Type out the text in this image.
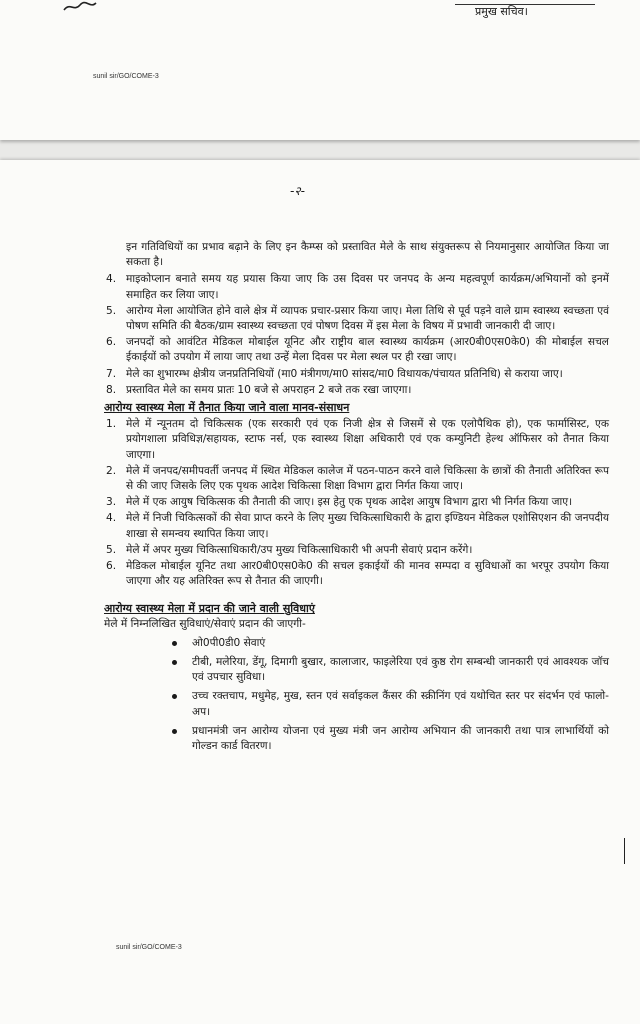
प्रमुख सचिव।
sunil sir/GO/COME-3
-२-

इन गतिविधियों का प्रभाव बढ़ाने के लिए इन कैम्प्स को प्रस्तावित मेले के साथ संयुक्तरूप से नियमानुसार आयोजित किया जा सकता है।

4. माइकोप्लान बनाते समय यह प्रयास किया जाए कि उस दिवस पर जनपद के अन्य महत्वपूर्ण कार्यक्रम/अभियानों को इनमें समाहित कर लिया जाए।
5. आरोग्य मेला आयोजित होने वाले क्षेत्र में व्यापक प्रचार-प्रसार किया जाए। मेला तिथि से पूर्व पड़ने वाले ग्राम स्वास्थ्य स्वच्छता एवं पोषण समिति की बैठक/ग्राम स्वास्थ्य स्वच्छता एवं पोषण दिवस में इस मेला के विषय में प्रभावी जानकारी दी जाए।
6. जनपदों को आवंटित मेडिकल मोबाईल यूनिट और राष्ट्रीय बाल स्वास्थ्य कार्यक्रम (आर0बी0एस0के0) की मोबाईल सचल ईकाईयों को उपयोग में लाया जाए तथा उन्हें मेला दिवस पर मेला स्थल पर ही रखा जाए।
7. मेले का शुभारम्भ क्षेत्रीय जनप्रतिनिधियों (मा0 मंत्रीगण/मा0 सांसद/मा0 विधायक/पंचायत प्रतिनिधि) से कराया जाए।
8. प्रस्तावित मेले का समय प्रातः 10 बजे से अपराहन 2 बजे तक रखा जाएगा।

आरोग्य स्वास्थ्य मेला में तैनात किया जाने वाला मानव-संसाधन

1. मेले में न्यूनतम दो चिकित्सक (एक सरकारी एवं एक निजी क्षेत्र से जिसमें से एक एलोपैथिक हो), एक फार्मासिस्ट, एक प्रयोगशाला प्रविधिज्ञ/सहायक, स्टाफ नर्स, एक स्वास्थ्य शिक्षा अधिकारी एवं एक कम्युनिटी हेल्थ ऑफिसर को तैनात किया जाएगा।
2. मेले में जनपद/समीपवर्ती जनपद में स्थित मेडिकल कालेज में पठन-पाठन करने वाले चिकित्सा के छात्रों की तैनाती अतिरिक्त रूप से की जाए जिसके लिए एक पृथक आदेश चिकित्सा शिक्षा विभाग द्वारा निर्गत किया जाए।
3. मेले में एक आयुष चिकित्सक की तैनाती की जाए। इस हेतु एक पृथक आदेश आयुष विभाग द्वारा भी निर्गत किया जाए।
4. मेले में निजी चिकित्सकों की सेवा प्राप्त करने के लिए मुख्य चिकित्साधिकारी के द्वारा इण्डियन मेडिकल एशोसिएशन की जनपदीय शाखा से समन्वय स्थापित किया जाए।
5. मेले में अपर मुख्य चिकित्साधिकारी/उप मुख्य चिकित्साधिकारी भी अपनी सेवाएं प्रदान करेंगे।
6. मेडिकल मोबाईल यूनिट तथा आर0बी0एस0के0 की सचल इकाईयों की मानव सम्पदा व सुविधाओं का भरपूर उपयोग किया जाएगा और यह अतिरिक्त रूप से तैनात की जाएगी।

आरोग्य स्वास्थ्य मेला में प्रदान की जाने वाली सुविधाएं

मेले में निम्नलिखित सुविधाएं/सेवाएं प्रदान की जाएगी-

ओ0पी0डी0 सेवाएं
टीबी, मलेरिया, डेंगू, दिमागी बुखार, कालाजार, फाइलेरिया एवं कुष्ठ रोग सम्बन्धी जानकारी एवं आवश्यक जॉच एवं उपचार सुविधा।
उच्च रक्तचाप, मधुमेह, मुख, स्तन एवं सर्वाइकल कैंसर की स्क्रीनिंग एवं यथोचित स्तर पर संदर्भन एवं फालो-अप।
प्रधानमंत्री जन आरोग्य योजना एवं मुख्य मंत्री जन आरोग्य अभियान की जानकारी तथा पात्र लाभार्थियों को गोल्डन कार्ड वितरण।
sunil sir/GO/COME-3
